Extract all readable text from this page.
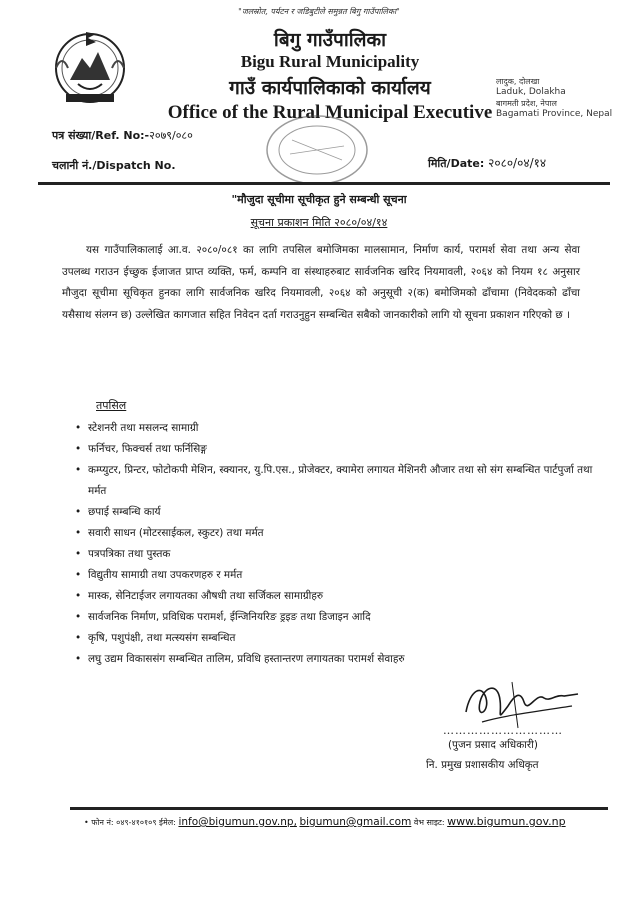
"जलस्रोत, पर्यटन र जडिबुटीले समुन्नत बिगु गाउँपालिका"
बिगु गाउँपालिका
Bigu Rural Municipality
गाउँ कार्यपालिकाको कार्यालय
Office of the Rural Municipal Executive
लादुक, दोलखा
Laduk, Dolakha
बागमती प्रदेश, नेपाल
Bagamati Province, Nepal
पत्र संख्या/Ref. No:-२०७९/०८०
चलानी नं./Dispatch No.	मिति/Date: २०८०/०४/१४
"मौजुदा सूचीमा सूचीकृत हुने सम्बन्धी सूचना
सूचना प्रकाशन मिति २०८०/०४/१४
यस गाउँपालिकालाई आ.व. २०८०/०८१ का लागि तपसिल बमोजिमका मालसामान, निर्माण कार्य, परामर्श सेवा तथा अन्य सेवा उपलब्ध गराउन ईच्छुक ईजाजत प्राप्त व्यक्ति, फर्म, कम्पनि वा संस्थाहरुबाट सार्वजनिक खरिद नियमावली, २०६४ को नियम १८ अनुसार मौजुदा सूचीमा सूचिकृत हुनका लागि सार्वजनिक खरिद नियमावली, २०६४ को अनुसूची २(क) बमोजिमको ढाँचामा (निवेदकको ढाँचा यसैसाथ संलग्न छ) उल्लेखित कागजात सहित निवेदन दर्ता गराउनुहुन सम्बन्धित सबैको जानकारीको लागि यो सूचना प्रकाशन गरिएको छ ।
तपसिल
• स्टेशनरी तथा मसलन्द सामाग्री
• फर्निचर, फिक्चर्स तथा फर्निसिङ्ग
• कम्प्युटर, प्रिन्टर, फोटोकपी मेशिन, स्क्यानर, यु.पि.एस., प्रोजेक्टर, क्यामेरा लगायत मेशिनरी औजार तथा सो संग सम्बन्धित पार्टपुर्जा तथा मर्मत
• छपाई सम्बन्धि कार्य
• सवारी साधन (मोटरसाईकल, स्कुटर) तथा मर्मत
• पत्रपत्रिका तथा पुस्तक
• विद्युतीय सामाग्री तथा उपकरणहरु र मर्मत
• मास्क, सेनिटाईजर लगायतका औषधी तथा सर्जिकल सामाग्रीहरु
• सार्वजनिक निर्माण, प्रविधिक परामर्श, ईन्जिनियरिङ ड्रइङ तथा डिजाइन आदि
• कृषि, पशुपंक्षी, तथा मत्स्यसंग सम्बन्धित
• लघु उद्यम विकाससंग सम्बन्धित तालिम, प्रविधि हस्तान्तरण लगायतका परामर्श सेवाहरु
…………………………
(पुजन प्रसाद अधिकारी)
नि. प्रमुख प्रशासकीय अधिकृत
• फोन नं: ०४९-४१०१०९ ईमेल: info@bigumun.gov.np, bigumun@gmail.com वेभ साइट: www.bigumun.gov.np
